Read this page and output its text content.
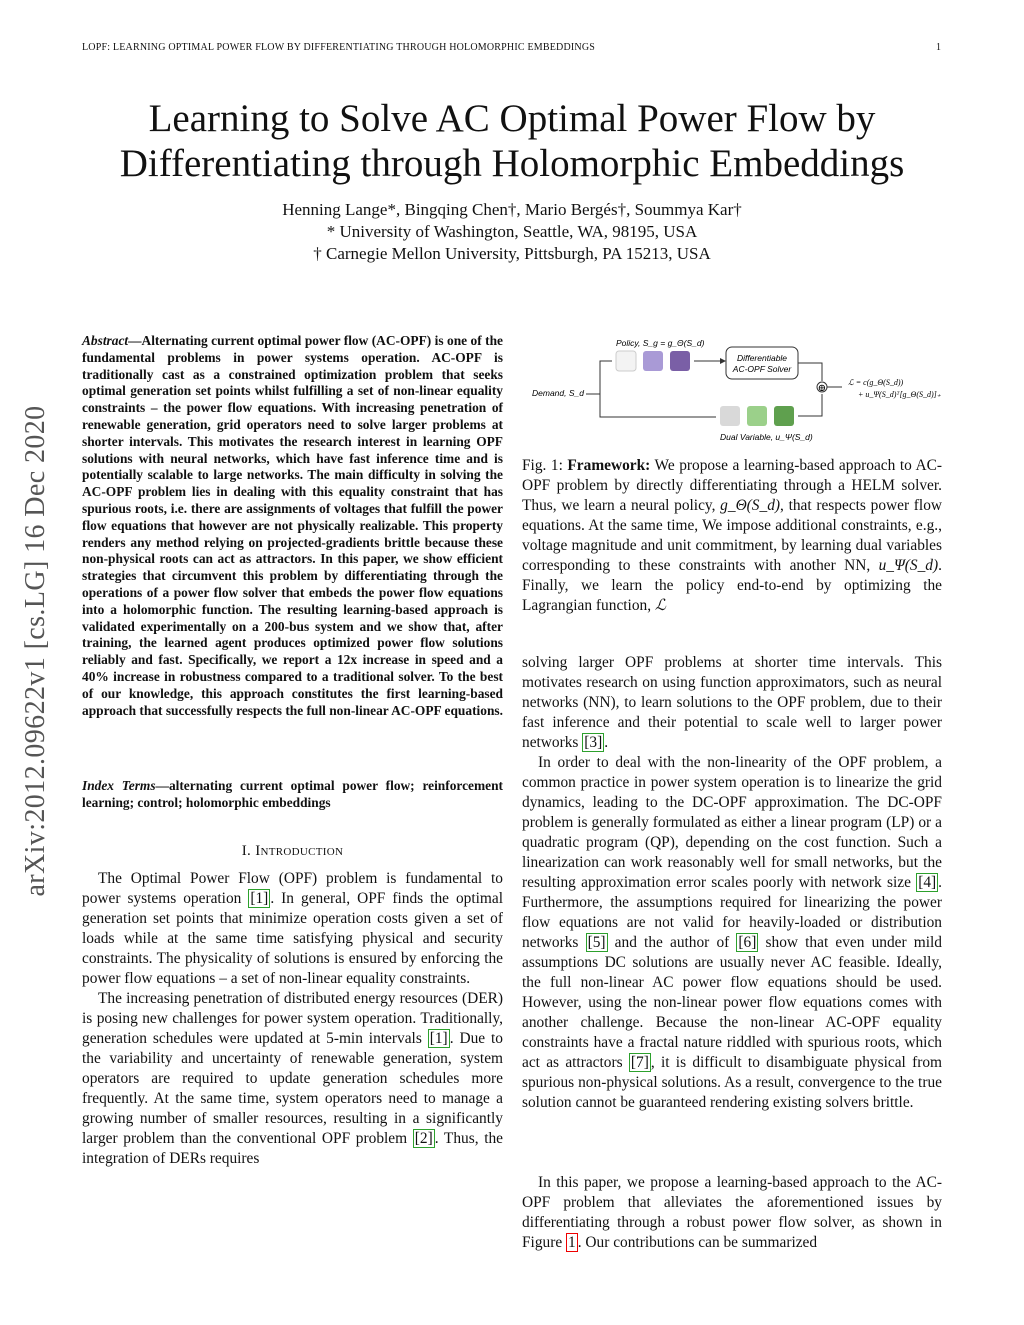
LOPF: LEARNING OPTIMAL POWER FLOW BY DIFFERENTIATING THROUGH HOLOMORPHIC EMBEDDINGS	1
Learning to Solve AC Optimal Power Flow by
Differentiating through Holomorphic Embeddings
Henning Lange*, Bingqing Chen†, Mario Bergés†, Soummya Kar†
* University of Washington, Seattle, WA, 98195, USA
† Carnegie Mellon University, Pittsburgh, PA 15213, USA
arXiv:2012.09622v1 [cs.LG] 16 Dec 2020
Abstract—Alternating current optimal power flow (AC-OPF) is one of the fundamental problems in power systems operation. AC-OPF is traditionally cast as a constrained optimization problem that seeks optimal generation set points whilst fulfilling a set of non-linear equality constraints – the power flow equations. With increasing penetration of renewable generation, grid operators need to solve larger problems at shorter intervals. This motivates the research interest in learning OPF solutions with neural networks, which have fast inference time and is potentially scalable to large networks. The main difficulty in solving the AC-OPF problem lies in dealing with this equality constraint that has spurious roots, i.e. there are assignments of voltages that fulfill the power flow equations that however are not physically realizable. This property renders any method relying on projected-gradients brittle because these non-physical roots can act as attractors. In this paper, we show efficient strategies that circumvent this problem by differentiating through the operations of a power flow solver that embeds the power flow equations into a holomorphic function. The resulting learning-based approach is validated experimentally on a 200-bus system and we show that, after training, the learned agent produces optimized power flow solutions reliably and fast. Specifically, we report a 12x increase in speed and a 40% increase in robustness compared to a traditional solver. To the best of our knowledge, this approach constitutes the first learning-based approach that successfully respects the full non-linear AC-OPF equations.
Index Terms—alternating current optimal power flow; reinforcement learning; control; holomorphic embeddings
I. Introduction

The Optimal Power Flow (OPF) problem is fundamental to power systems operation [1] . In general, OPF finds the optimal generation set points that minimize operation costs given a set of loads while at the same time satisfying physical and security constraints. The physicality of solutions is ensured by enforcing the power flow equations – a set of non-linear equality constraints.

The increasing penetration of distributed energy resources (DER) is posing new challenges for power system operation. Traditionally, generation schedules were updated at 5-min intervals [1] . Due to the variability and uncertainty of renewable generation, system operators are required to update generation schedules more frequently. At the same time, system operators need to manage a growing number of smaller resources, resulting in a significantly larger problem than the conventional OPF problem [2] . Thus, the integration of DERs requires

Policy, S_g = g_Θ(S_d)
Differentiable
AC-OPF Solver
Demand, S_d	⊕
ℒ = c(g_Θ(S_d))
+ u_Ψ(S_d)ᵀ[g_Θ(S_d)]₊
Dual Variable, u_Ψ(S_d)
Fig. 1: Framework: We propose a learning-based approach to AC-OPF problem by directly differentiating through a HELM solver. Thus, we learn a neural policy, g_Θ(S_d), that respects power flow equations. At the same time, We impose additional constraints, e.g., voltage magnitude and unit commitment, by learning dual variables corresponding to these constraints with another NN, u_Ψ(S_d). Finally, we learn the policy end-to-end by optimizing the Lagrangian function, ℒ

solving larger OPF problems at shorter time intervals. This motivates research on using function approximators, such as neural networks (NN), to learn solutions to the OPF problem, due to their fast inference and their potential to scale well to larger power networks [3] .

In order to deal with the non-linearity of the OPF problem, a common practice in power system operation is to linearize the grid dynamics, leading to the DC-OPF approximation. The DC-OPF problem is generally formulated as either a linear program (LP) or a quadratic program (QP), depending on the cost function. Such a linearization can work reasonably well for small networks, but the resulting approximation error scales poorly with network size [4] . Furthermore, the assumptions required for linearizing the power flow equations are not valid for heavily-loaded or distribution networks [5] and the author of [6] show that even under mild assumptions DC solutions are usually never AC feasible. Ideally, the full non-linear AC power flow equations should be used. However, using the non-linear power flow equations comes with another challenge. Because the non-linear AC-OPF equality constraints have a fractal nature riddled with spurious roots, which act as attractors [7] , it is difficult to disambiguate physical from spurious non-physical solutions. As a result, convergence to the true solution cannot be guaranteed rendering existing solvers brittle.

In this paper, we propose a learning-based approach to the AC-OPF problem that alleviates the aforementioned issues by differentiating through a robust power flow solver, as shown in Figure 1 . Our contributions can be summarized
